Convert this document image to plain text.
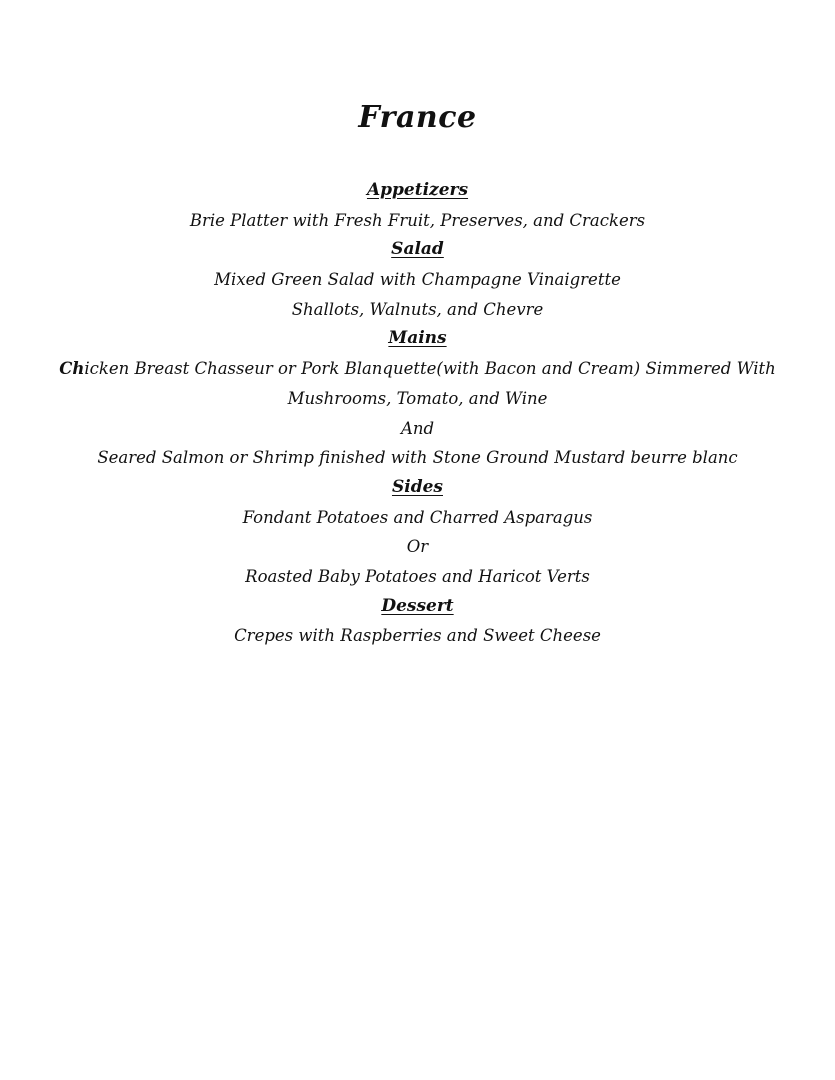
France
Appetizers
Brie Platter with Fresh Fruit, Preserves, and Crackers
Salad
Mixed Green Salad with Champagne Vinaigrette
Shallots, Walnuts, and Chevre
Mains
Chicken Breast Chasseur or Pork Blanquette(with Bacon and Cream) Simmered With
Mushrooms, Tomato, and Wine
And
Seared Salmon or Shrimp finished with Stone Ground Mustard beurre blanc
Sides
Fondant Potatoes and Charred Asparagus
Or
Roasted Baby Potatoes and Haricot Verts
Dessert
Crepes with Raspberries and Sweet Cheese
